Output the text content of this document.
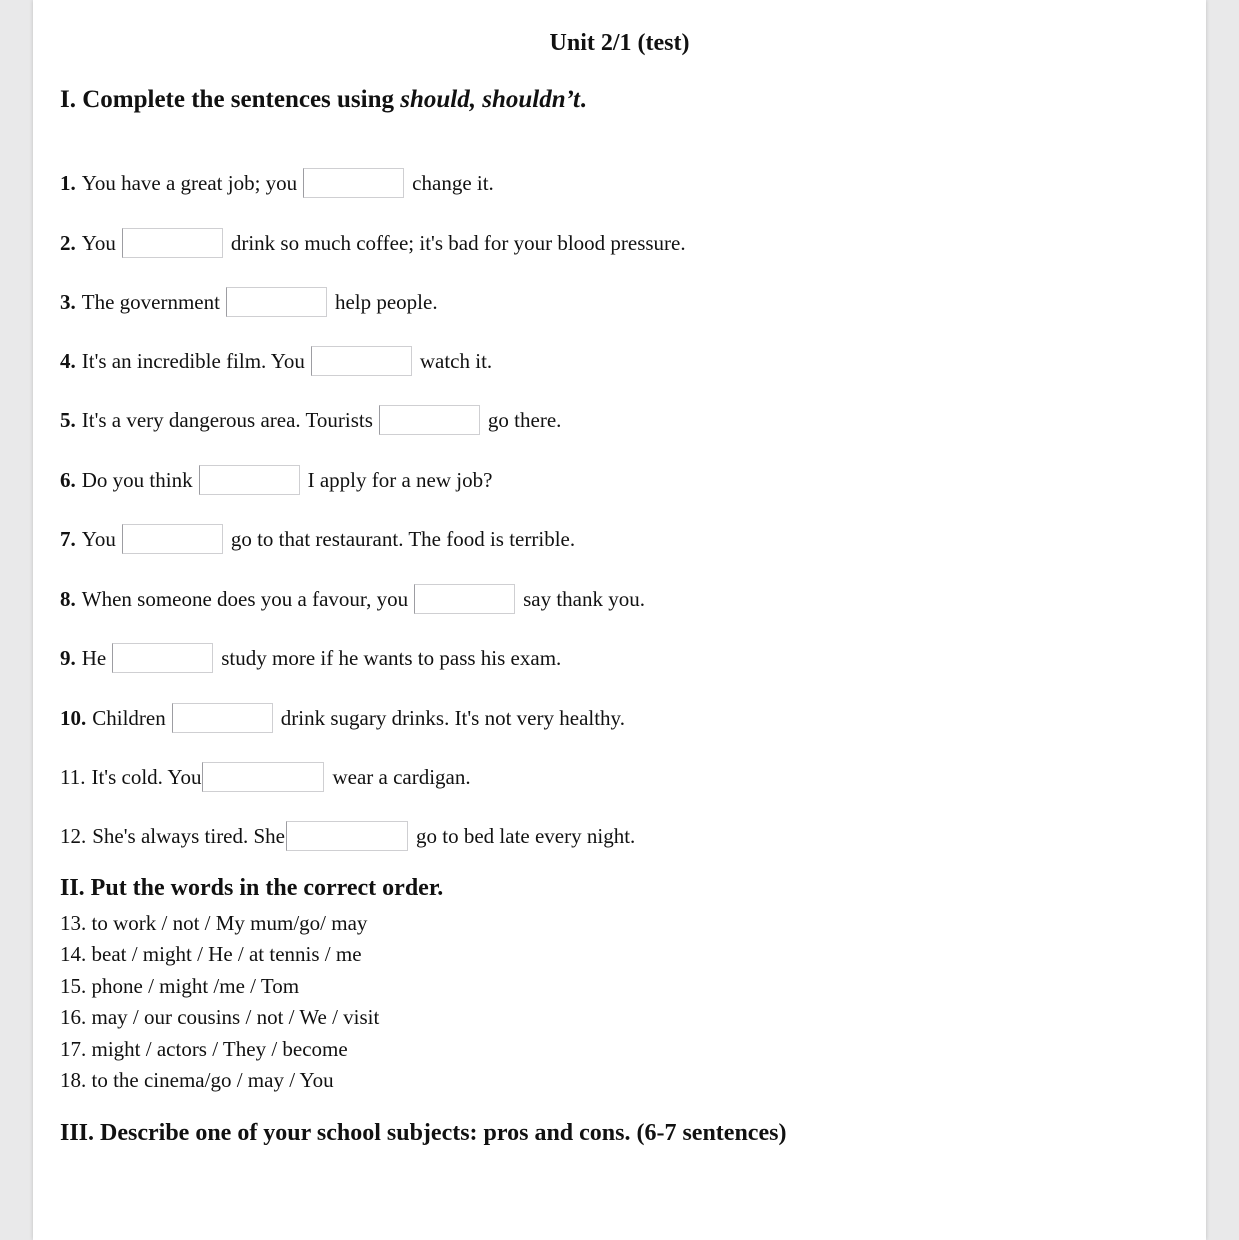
Unit 2/1 (test)
I. Complete the sentences using should, shouldn’t.
1. You have a great job; you	change it.
2. You	drink so much coffee; it's bad for your blood pressure.
3. The government	help people.
4. It's an incredible film. You	watch it.
5. It's a very dangerous area. Tourists	go there.
6. Do you think	I apply for a new job?
7. You	go to that restaurant. The food is terrible.
8. When someone does you a favour, you	say thank you.
9. He	study more if he wants to pass his exam.
10. Children	drink sugary drinks. It's not very healthy.
11. It's cold. You	wear a cardigan.
12. She's always tired. She	go to bed late every night.
II. Put the words in the correct order.
13. to work / not / My mum/go/ may
14. beat / might / He / at tennis / me
15. phone / might /me / Tom
16. may / our cousins / not / We / visit
17. might / actors / They / become
18. to the cinema/go / may / You
III. Describe one of your school subjects: pros and cons. (6-7 sentences)
